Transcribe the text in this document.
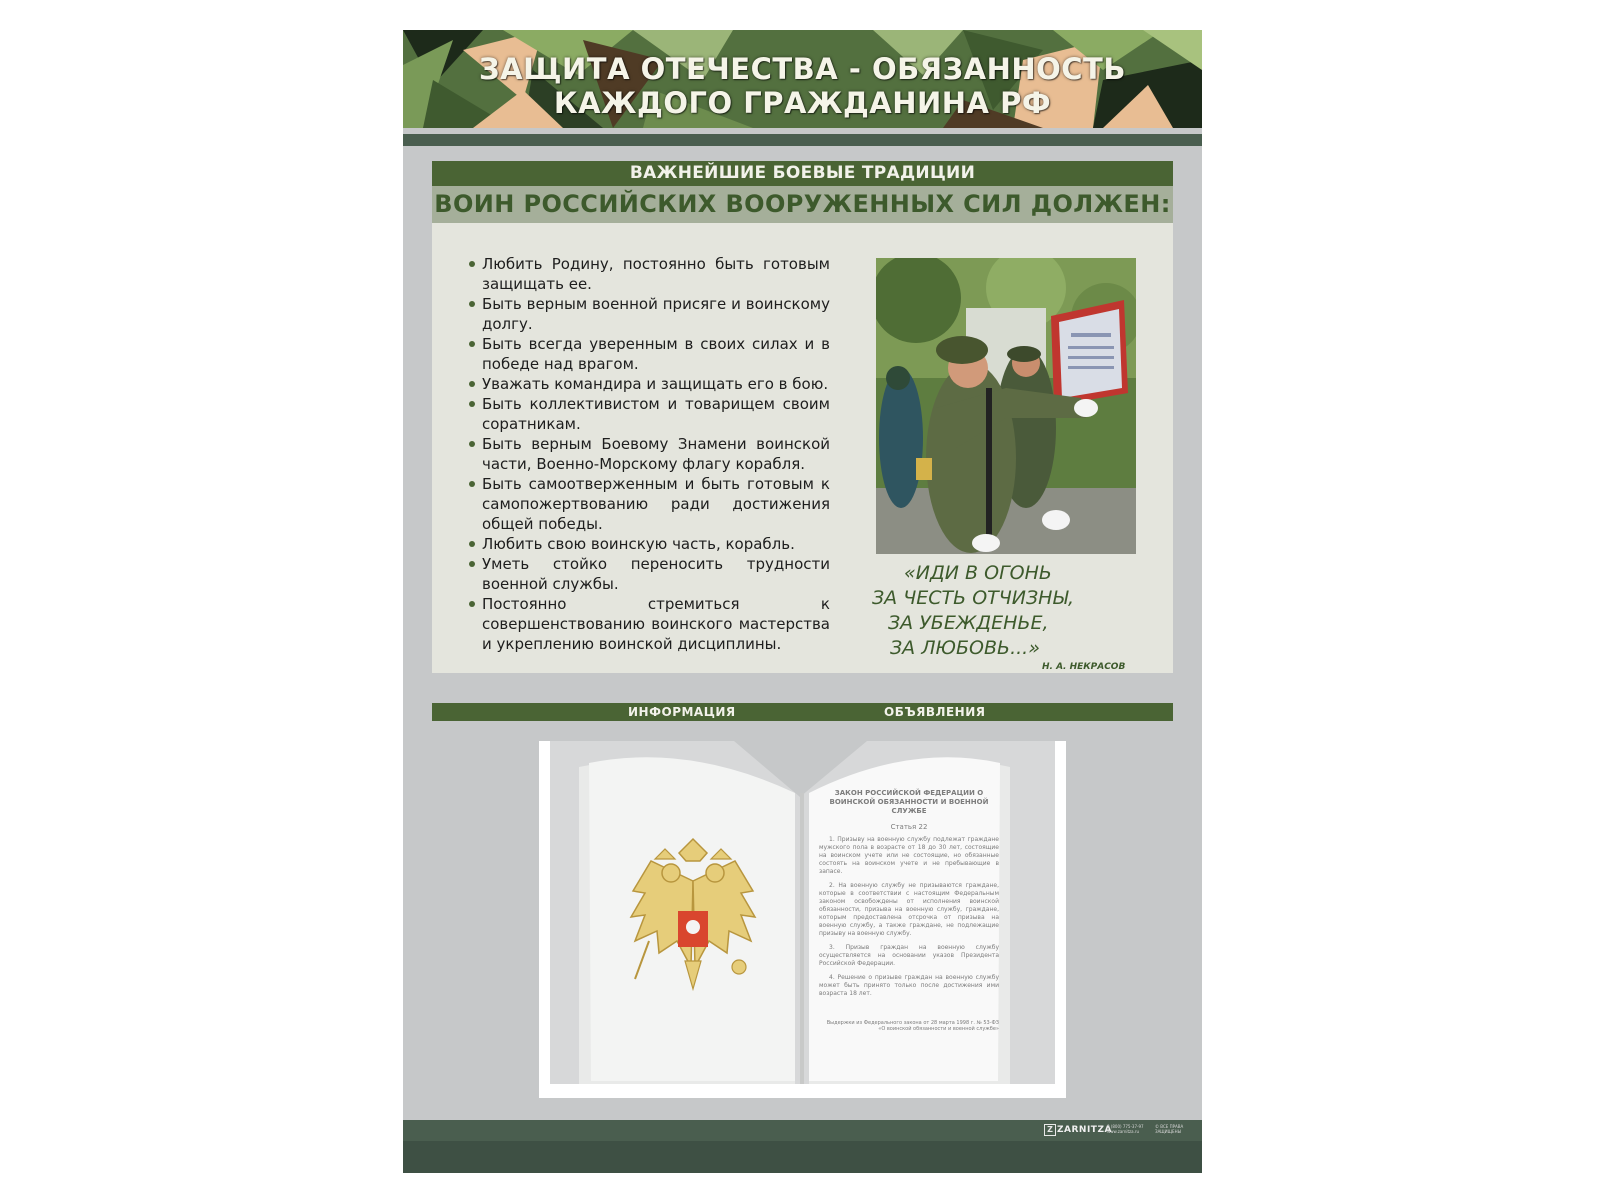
ЗАЩИТА ОТЕЧЕСТВА - ОБЯЗАННОСТЬ
КАЖДОГО ГРАЖДАНИНА РФ
ВАЖНЕЙШИЕ БОЕВЫЕ ТРАДИЦИИ
ВОИН РОССИЙСКИХ ВООРУЖЕННЫХ СИЛ ДОЛЖЕН:
Любить Родину, постоянно быть готовым защищать ее.
Быть верным военной присяге и воинскому долгу.
Быть всегда уверенным в своих силах и в победе над врагом.
Уважать командира и защищать его в бою.
Быть коллективистом и товарищем своим соратникам.
Быть верным Боевому Знамени воинской части, Военно-Морскому флагу корабля.
Быть самоотверженным и быть готовым к самопожертвованию ради достижения общей победы.
Любить свою воинскую часть, корабль.
Уметь стойко переносить трудности военной службы.
Постоянно стремиться к совершенствованию воинского мастерства и укреплению воинской дисциплины.
«ИДИ В ОГОНЬ
ЗА ЧЕСТЬ ОТЧИЗНЫ,
ЗА УБЕЖДЕНЬЕ,
ЗА ЛЮБОВЬ...»
Н. А. НЕКРАСОВ
ИНФОРМАЦИЯ	ОБЪЯВЛЕНИЯ
ЗАКОН РОССИЙСКОЙ ФЕДЕРАЦИИ О ВОИНСКОЙ ОБЯЗАННОСТИ И ВОЕННОЙ СЛУЖБЕ
Статья 22

1. Призыву на военную службу подлежат граждане мужского пола в возрасте от 18 до 30 лет, состоящие на воинском учете или не состоящие, но обязанные состоять на воинском учете и не пребывающие в запасе.

2. На военную службу не призываются граждане, которые в соответствии с настоящим Федеральным законом освобождены от исполнения воинской обязанности, призыва на военную службу, граждане, которым предоставлена отсрочка от призыва на военную службу, а также граждане, не подлежащие призыву на военную службу.

3. Призыв граждан на военную службу осуществляется на основании указов Президента Российской Федерации.

4. Решение о призыве граждан на военную службу может быть принято только после достижения ими возраста 18 лет.

Выдержки из Федерального закона от 28 марта 1998 г. № 53-ФЗ «О воинской обязанности и военной службе»
Z ZARNITZA
8 (800) 775-37-97
www.zarnitza.ru
© ВСЕ ПРАВА
ЗАЩИЩЕНЫ
